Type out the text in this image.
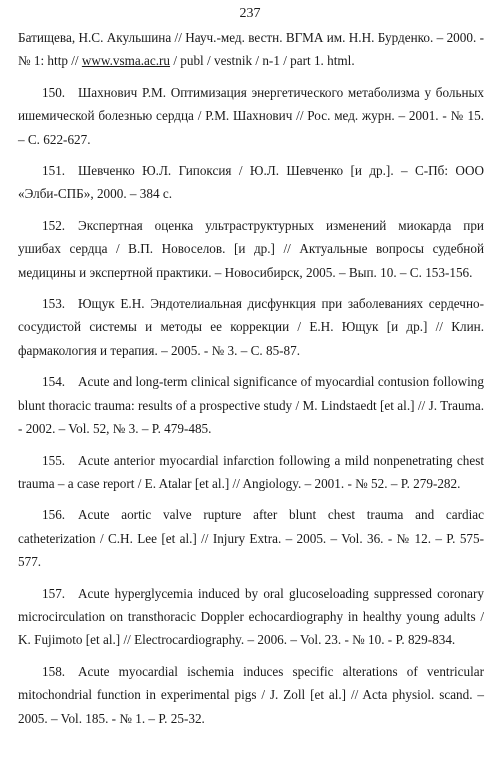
237

Батищева, Н.С. Акульшина // Науч.-мед. вестн. ВГМА им. Н.Н. Бурденко. – 2000. - № 1: http // www.vsma.ac.ru / publ / vestnik / n-1 / part 1. html.

150. Шахнович Р.М. Оптимизация энергетического метаболизма у больных ишемической болезнью сердца / Р.М. Шахнович // Рос. мед. журн. – 2001. - № 15. – С. 622-627.

151. Шевченко Ю.Л. Гипоксия / Ю.Л. Шевченко [и др.]. – С-Пб: ООО «Элби-СПБ», 2000. – 384 с.

152. Экспертная оценка ультраструктурных изменений миокарда при ушибах сердца / В.П. Новоселов. [и др.] // Актуальные вопросы судебной медицины и экспертной практики. – Новосибирск, 2005. – Вып. 10. – С. 153-156.

153. Ющук Е.Н. Эндотелиальная дисфункция при заболеваниях сердечно-сосудистой системы и методы ее коррекции / Е.Н. Ющук [и др.] // Клин. фармакология и терапия. – 2005. - № 3. – С. 85-87.

154. Acute and long-term clinical significance of myocardial contusion following blunt thoracic trauma: results of a prospective study / M. Lindstaedt [et al.] // J. Trauma. - 2002. – Vol. 52, № 3. – P. 479-485.

155. Acute anterior myocardial infarction following a mild nonpenetrating chest trauma – a case report / E. Atalar [et al.] // Angiology. – 2001. - № 52. – P. 279-282.

156. Acute aortic valve rupture after blunt chest trauma and cardiac catheterization / C.H. Lee [et al.] // Injury Extra. – 2005. – Vol. 36. - № 12. – P. 575-577.

157. Acute hyperglycemia induced by oral glucoseloading suppressed coronary microcirculation on transthoracic Doppler echocardiography in healthy young adults / K. Fujimoto [et al.] // Electrocardiography. – 2006. – Vol. 23. - № 10. - P. 829-834.

158. Acute myocardial ischemia induces specific alterations of ventricular mitochondrial function in experimental pigs / J. Zoll [et al.] // Acta physiol. scand. – 2005. – Vol. 185. - № 1. – P. 25-32.
